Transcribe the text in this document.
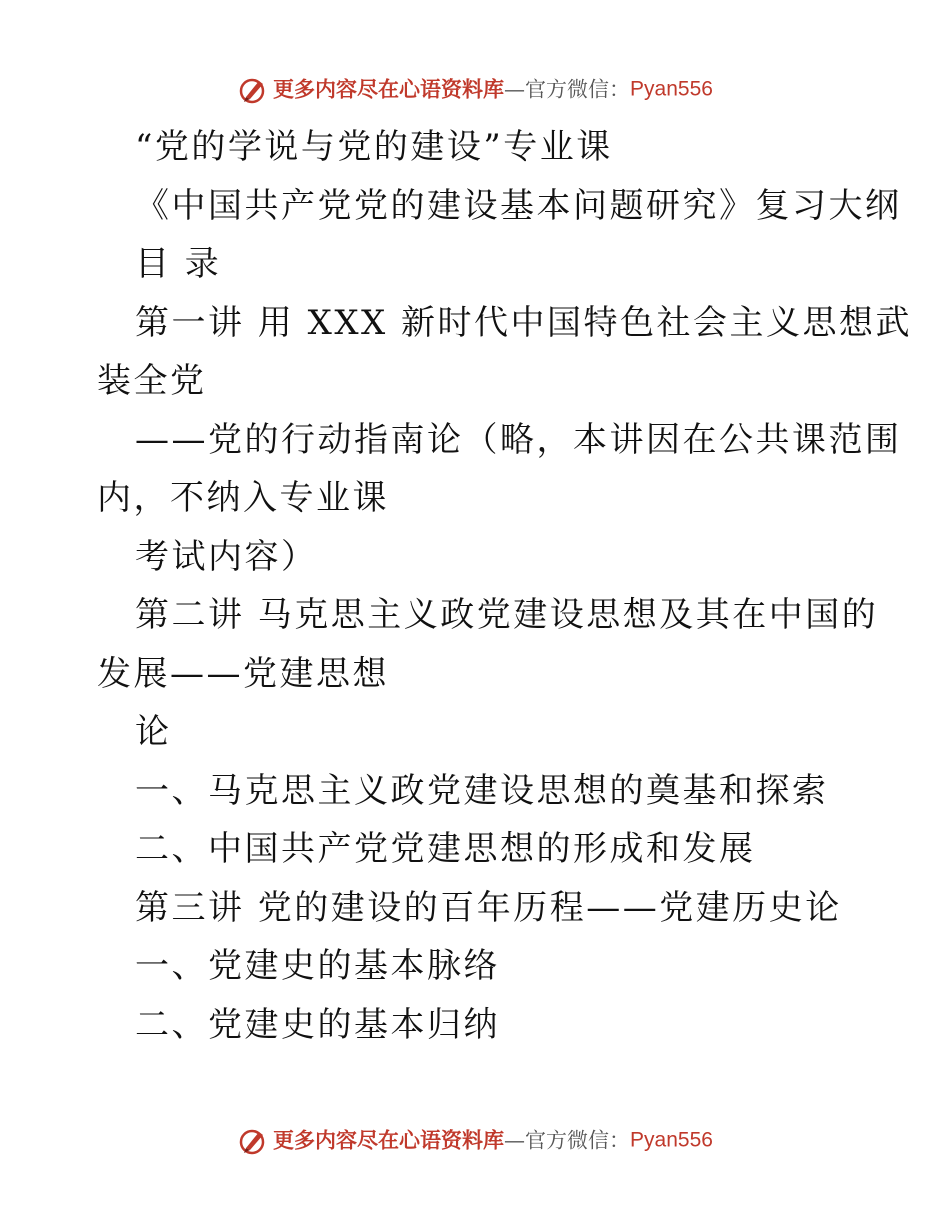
更多内容尽在心语资料库—官方微信：Pyan556

“党的学说与党的建设”专业课

《中国共产党党的建设基本问题研究》复习大纲

目 录

第一讲 用 XXX 新时代中国特色社会主义思想武

装全党

——党的行动指南论（略，本讲因在公共课范围

内，不纳入专业课

考试内容）

第二讲 马克思主义政党建设思想及其在中国的

发展——党建思想

论

一、马克思主义政党建设思想的奠基和探索

二、中国共产党党建思想的形成和发展

第三讲 党的建设的百年历程——党建历史论

一、党建史的基本脉络

二、党建史的基本归纳

更多内容尽在心语资料库—官方微信：Pyan556
